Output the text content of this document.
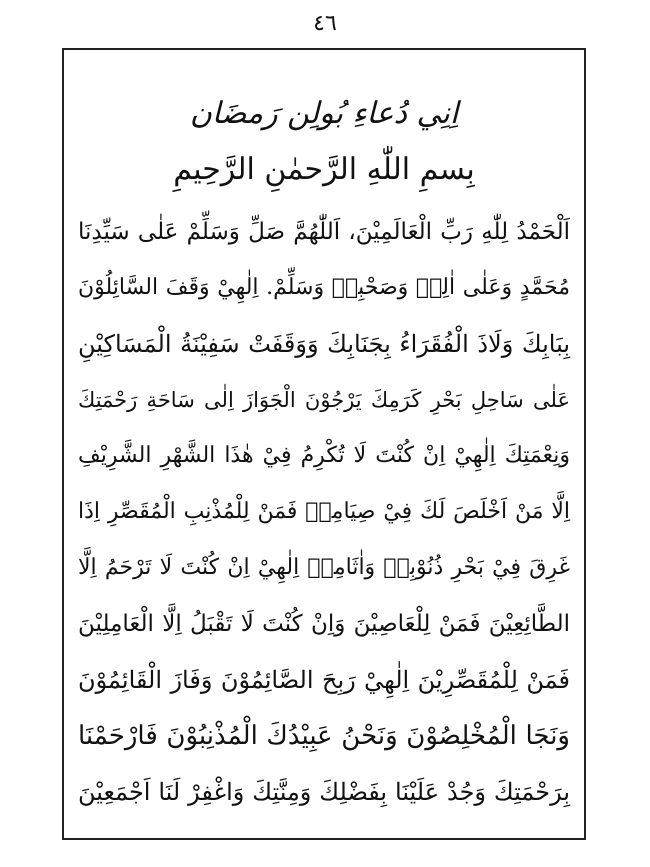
٤٦
اِنِي دُعاءِ بُولِن رَمضَان
بِسمِ اللّٰهِ الرَّحمٰنِ الرَّحِيمِ
اَلْحَمْدُ لِلّٰهِ رَبِّ الْعَالَمِيْنَ، اَللّٰهُمَّ صَلِّ وَسَلِّمْ عَلٰى سَيِّدِنَا
مُحَمَّدٍ وَعَلٰى اٰلِهٖ وَصَحْبِهٖ وَسَلِّمْ. اِلٰهِيْ وَقَفَ السَّائِلُوْنَ
بِبَابِكَ وَلَاذَ الْفُقَرَاءُ بِجَنَابِكَ وَوَقَفَتْ سَفِيْنَةُ الْمَسَاكِيْنِ
عَلٰى سَاحِلِ بَحْرِ كَرَمِكَ يَرْجُوْنَ الْجَوَازَ اِلٰى سَاحَةِ رَحْمَتِكَ
وَنِعْمَتِكَ اِلٰهِيْ اِنْ كُنْتَ لَا تُكْرِمُ فِيْ هٰذَا الشَّهْرِ الشَّرِيْفِ
اِلَّا مَنْ اَخْلَصَ لَكَ فِيْ صِيَامِهٖ فَمَنْ لِلْمُذْنِبِ الْمُقَصِّرِ اِذَا
غَرِقَ فِيْ بَحْرِ ذُنُوْبِهٖ وَاٰثَامِهٖ اِلٰهِيْ اِنْ كُنْتَ لَا تَرْحَمُ اِلَّا
الطَّائِعِيْنَ فَمَنْ لِلْعَاصِيْنَ وَاِنْ كُنْتَ لَا تَقْبَلُ اِلَّا الْعَامِلِيْنَ
فَمَنْ لِلْمُقَصِّرِيْنَ اِلٰهِيْ رَبِحَ الصَّائِمُوْنَ وَفَازَ الْقَائِمُوْنَ
وَنَجَا الْمُخْلِصُوْنَ وَنَحْنُ عَبِيْدُكَ الْمُذْنِبُوْنَ فَارْحَمْنَا
بِرَحْمَتِكَ وَجُدْ عَلَيْنَا بِفَضْلِكَ وَمِنَّتِكَ وَاغْفِرْ لَنَا اَجْمَعِيْنَ
